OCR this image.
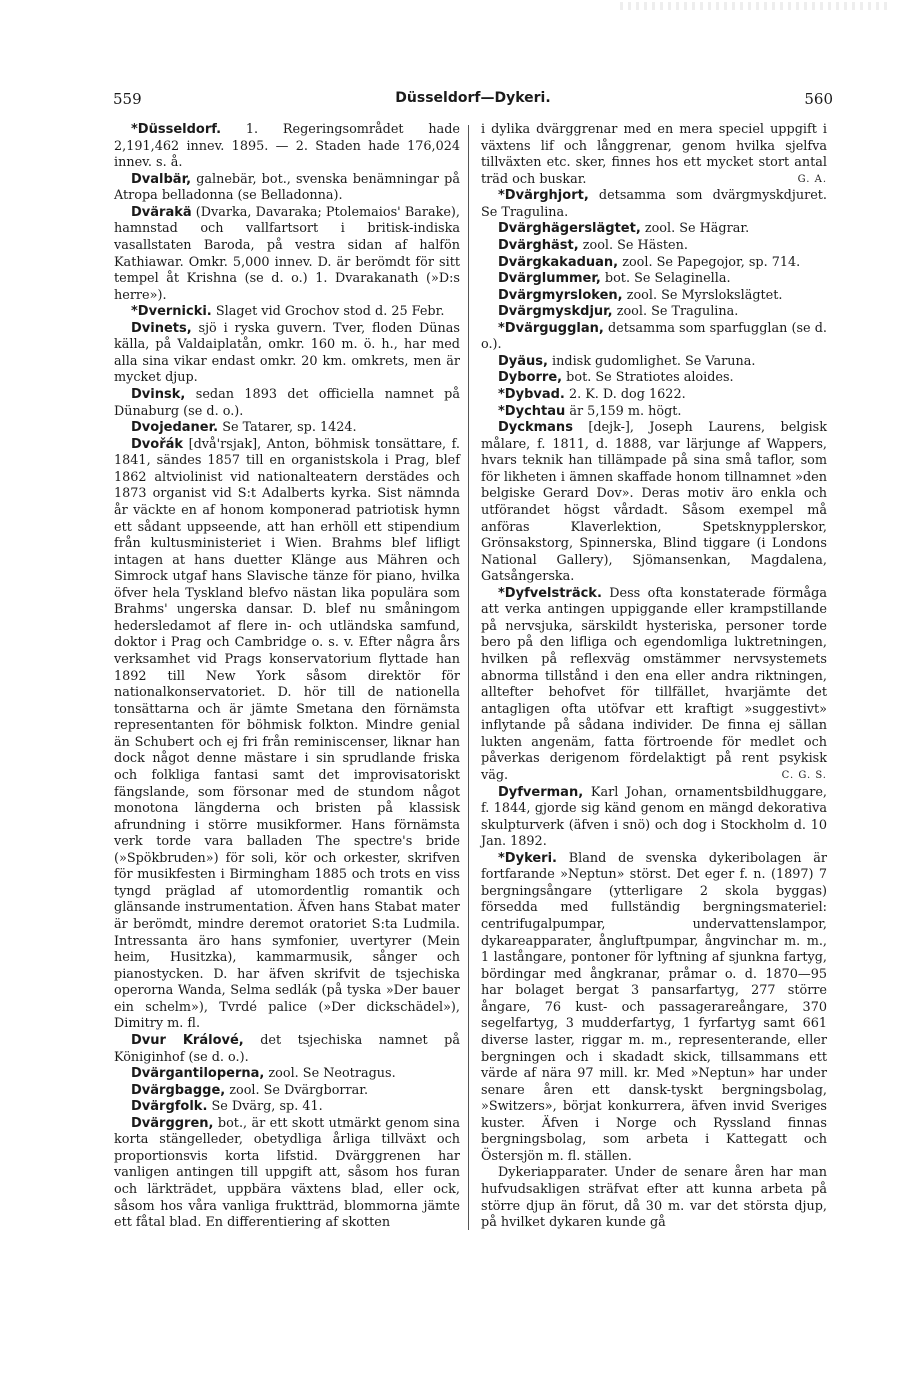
559	Düsseldorf—Dykeri.	560
*Düsseldorf. 1. Regeringsområdet hade 2,191,462 innev. 1895. — 2. Staden hade 176,024 innev. s. å.
Dvalbär, galnebär, bot., svenska benämningar på Atropa belladonna (se Belladonna).
Dvärakä (Dvarka, Davaraka; Ptolemaios' Barake), hamnstad och vallfartsort i britisk-indiska vasallstaten Baroda, på vestra sidan af halfön Kathiawar. Omkr. 5,000 innev. D. är berömdt för sitt tempel åt Krishna (se d. o.) 1. Dvarakanath (»D:s herre»).
*Dvernicki. Slaget vid Grochov stod d. 25 Febr.
Dvinets, sjö i ryska guvern. Tver, floden Dünas källa, på Valdaiplatån, omkr. 160 m. ö. h., har med alla sina vikar endast omkr. 20 km. omkrets, men är mycket djup.
Dvinsk, sedan 1893 det officiella namnet på Dünaburg (se d. o.).
Dvojedaner. Se Tatarer, sp. 1424.
Dvořák [dvå'rsjak], Anton, böhmisk tonsättare, f. 1841, sändes 1857 till en organistskola i Prag, blef 1862 altviolinist vid nationalteatern derstädes och 1873 organist vid S:t Adalberts kyrka. Sist nämnda år väckte en af honom komponerad patriotisk hymn ett sådant uppseende, att han erhöll ett stipendium från kultusministeriet i Wien. Brahms blef lifligt intagen at hans duetter Klänge aus Mähren och Simrock utgaf hans Slavische tänze för piano, hvilka öfver hela Tyskland blefvo nästan lika populära som Brahms' ungerska dansar. D. blef nu småningom hedersledamot af flere in- och utländska samfund, doktor i Prag och Cambridge o. s. v. Efter några års verksamhet vid Prags konservatorium flyttade han 1892 till New York såsom direktör för nationalkonservatoriet. D. hör till de nationella tonsättarna och är jämte Smetana den förnämsta representanten för böhmisk folkton. Mindre genial än Schubert och ej fri från reminiscenser, liknar han dock något denne mästare i sin sprudlande friska och folkliga fantasi samt det improvisatoriskt fängslande, som försonar med de stundom något monotona längderna och bristen på klassisk afrundning i större musikformer. Hans förnämsta verk torde vara balladen The spectre's bride (»Spökbruden») för soli, kör och orkester, skrifven för musikfesten i Birmingham 1885 och trots en viss tyngd präglad af utomordentlig romantik och glänsande instrumentation. Äfven hans Stabat mater är berömdt, mindre deremot oratoriet S:ta Ludmila. Intressanta äro hans symfonier, uvertyrer (Mein heim, Husitzka), kammarmusik, sånger och pianostycken. D. har äfven skrifvit de tsjechiska operorna Wanda, Selma sedlák (på tyska »Der bauer ein schelm»), Tvrdé palice (»Der dickschädel»), Dimitry m. fl.
Dvur Králové, det tsjechiska namnet på Königinhof (se d. o.).
Dvärgantiloperna, zool. Se Neotragus.
Dvärgbagge, zool. Se Dvärgborrar.
Dvärgfolk. Se Dvärg, sp. 41.
Dvärggren, bot., är ett skott utmärkt genom sina korta stängelleder, obetydliga årliga tillväxt och proportionsvis korta lifstid. Dvärggrenen har vanligen antingen till uppgift att, såsom hos furan och lärkträdet, uppbära växtens blad, eller ock, såsom hos våra vanliga fruktträd, blommorna jämte ett fåtal blad. En differentiering af skotten
i dylika dvärggrenar med en mera speciel uppgift i växtens lif och långgrenar, genom hvilka sjelfva tillväxten etc. sker, finnes hos ett mycket stort antal träd och buskar.	G. A.
*Dvärghjort, detsamma som dvärgmyskdjuret. Se Tragulina.
Dvärghägerslägtet, zool. Se Hägrar.
Dvärghäst, zool. Se Hästen.
Dvärgkakaduan, zool. Se Papegojor, sp. 714.
Dvärglummer, bot. Se Selaginella.
Dvärgmyrsloken, zool. Se Myrslokslägtet.
Dvärgmyskdjur, zool. Se Tragulina.
*Dvärgugglan, detsamma som sparfugglan (se d. o.).
Dyäus, indisk gudomlighet. Se Varuna.
Dyborre, bot. Se Stratiotes aloides.
*Dybvad. 2. K. D. dog 1622.
*Dychtau är 5,159 m. högt.
Dyckmans [dejk-], Joseph Laurens, belgisk målare, f. 1811, d. 1888, var lärjunge af Wappers, hvars teknik han tillämpade på sina små taflor, som för likheten i ämnen skaffade honom tillnamnet »den belgiske Gerard Dov». Deras motiv äro enkla och utförandet högst vårdadt. Såsom exempel må anföras Klaverlektion, Spetsknypplerskor, Grönsakstorg, Spinnerska, Blind tiggare (i Londons National Gallery), Sjömansenkan, Magdalena, Gatsångerska.
*Dyfvelsträck. Dess ofta konstaterade förmåga att verka antingen uppiggande eller krampstillande på nervsjuka, särskildt hysteriska, personer torde bero på den lifliga och egendomliga luktretningen, hvilken på reflexväg omstämmer nervsystemets abnorma tillstånd i den ena eller andra riktningen, alltefter behofvet för tillfället, hvarjämte det antagligen ofta utöfvar ett kraftigt »suggestivt» inflytande på sådana individer. De finna ej sällan lukten angenäm, fatta förtroende för medlet och påverkas derigenom fördelaktigt på rent psykisk väg.	C. G. S.
Dyfverman, Karl Johan, ornamentsbildhuggare, f. 1844, gjorde sig känd genom en mängd dekorativa skulpturverk (äfven i snö) och dog i Stockholm d. 10 Jan. 1892.
*Dykeri. Bland de svenska dykeribolagen är fortfarande »Neptun» störst. Det eger f. n. (1897) 7 bergningsångare (ytterligare 2 skola byggas) försedda med fullständig bergningsmateriel: centrifugalpumpar, undervattenslampor, dykareapparater, ångluftpumpar, ångvinchar m. m., 1 lastångare, pontoner för lyftning af sjunkna fartyg, bördingar med ångkranar, pråmar o. d. 1870—95 har bolaget bergat 3 pansarfartyg, 277 större ångare, 76 kust- och passagerareångare, 370 segelfartyg, 3 mudderfartyg, 1 fyrfartyg samt 661 diverse laster, riggar m. m., representerande, eller bergningen och i skadadt skick, tillsammans ett värde af nära 97 mill. kr. Med »Neptun» har under senare åren ett dansk-tyskt bergningsbolag, »Switzers», börjat konkurrera, äfven invid Sveriges kuster. Äfven i Norge och Ryssland finnas bergningsbolag, som arbeta i Kattegatt och Östersjön m. fl. ställen.
Dykeriapparater. Under de senare åren har man hufvudsakligen sträfvat efter att kunna arbeta på större djup än förut, då 30 m. var det största djup, på hvilket dykaren kunde gå
